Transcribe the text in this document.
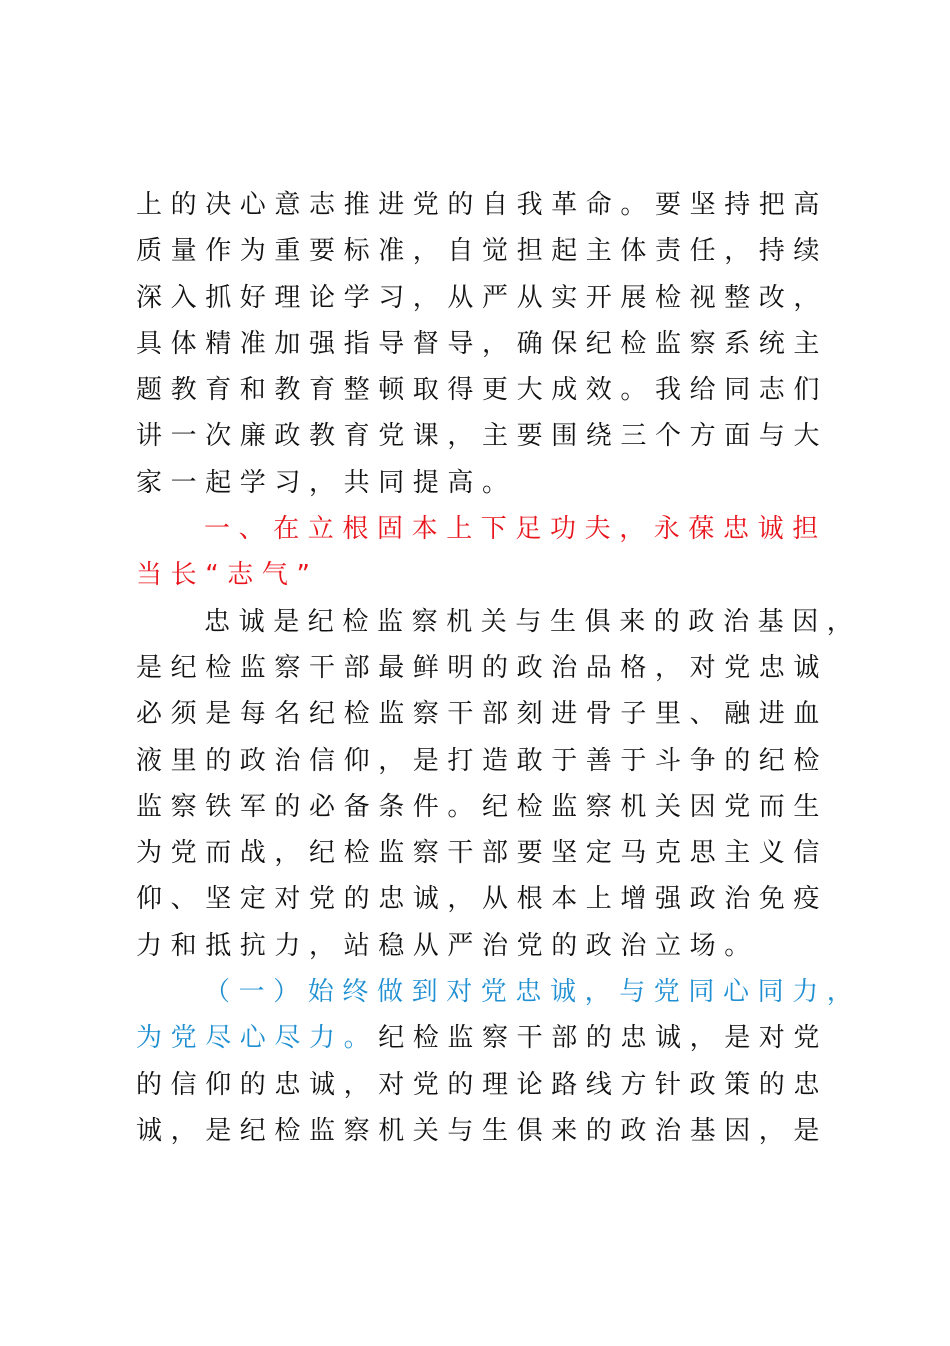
上的决心意志推进党的自我革命。要坚持把高
质量作为重要标准，自觉担起主体责任，持续
深入抓好理论学习，从严从实开展检视整改，
具体精准加强指导督导，确保纪检监察系统主
题教育和教育整顿取得更大成效。我给同志们
讲一次廉政教育党课，主要围绕三个方面与大
家一起学习，共同提高。
一、在立根固本上下足功夫，永葆忠诚担
当长“志气”
忠诚是纪检监察机关与生俱来的政治基因，
是纪检监察干部最鲜明的政治品格，对党忠诚
必须是每名纪检监察干部刻进骨子里、融进血
液里的政治信仰，是打造敢于善于斗争的纪检
监察铁军的必备条件。纪检监察机关因党而生
为党而战，纪检监察干部要坚定马克思主义信
仰、坚定对党的忠诚，从根本上增强政治免疫
力和抵抗力，站稳从严治党的政治立场。
（一）始终做到对党忠诚，与党同心同力，
为党尽心尽力。纪检监察干部的忠诚，是对党
的信仰的忠诚，对党的理论路线方针政策的忠
诚，是纪检监察机关与生俱来的政治基因，是
